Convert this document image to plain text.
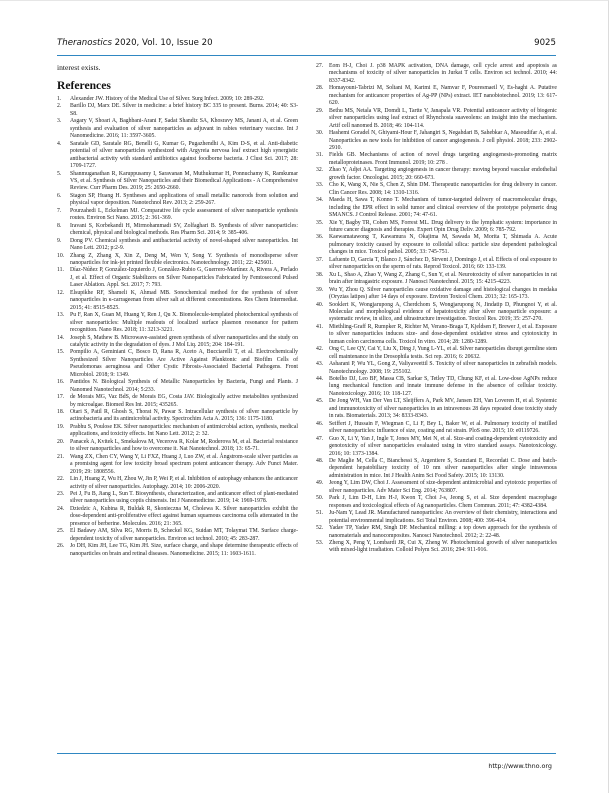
Theranostics 2020, Vol. 10, Issue 20	9025

interest exists.

References
1.	Alexander JW. History of the Medical Use of Silver. Surg Infect. 2009; 10: 289-292.
2.	Barillo DJ, Marx DE. Silver in medicine: a brief history BC 335 to present. Burns. 2014; 40: S3-S8.
3.	Asgary V, Shoari A, Baghbani-Arani F, Sadat Shandiz SA, Khosravy MS, Janani A, et al. Green synthesis and evaluation of silver nanoparticles as adjuvant in rabies veterinary vaccine. Int J Nanomedicine. 2016; 11: 3597-3605.
4.	Saratale GD, Saratale RG, Benelli G, Kumar G, Pugazhendhi A, Kim D-S, et al. Anti-diabetic potential of silver nanoparticles synthesized with Argyreia nervosa leaf extract high synergistic antibacterial activity with standard antibiotics against foodborne bacteria. J Clust Sci. 2017; 28: 1709-1727.
5.	Shanmuganathan R, Karuppusamy I, Saravanan M, Muthukumar H, Ponnuchamy K, Ramkumar VS, et al. Synthesis of Silver Nanoparticles and their Biomedical Applications - A Comprehensive Review. Curr Pharm Des. 2019; 25: 2650-2660.
6.	Stagon SP, Huang H. Syntheses and applications of small metallic nanorods from solution and physical vapor deposition. Nanotechnol Rev. 2013; 2: 259-267.
7.	Pourzahedi L, Eckelman MJ. Comparative life cycle assessment of silver nanoparticle synthesis routes. Environ Sci Nano. 2015; 2: 361-369.
8.	Iravani S, Korbekandi H, Mirmohammadi SV, Zolfaghari B. Synthesis of silver nanoparticles: chemical, physical and biological methods. Res Pharm Sci. 2014; 9: 385-406.
9.	Dong PV. Chemical synthesis and antibacterial activity of novel-shaped silver nanoparticles. Int Nano Lett. 2012; p:2-9.
10.	Zhang Z, Zhang X, Xin Z, Deng M, Wen Y, Song Y. Synthesis of monodisperse silver nanoparticles for ink-jet printed flexible electronics. Nanotechnology. 2011; 22: 425601.
11.	Díaz-Núñez P, González-Izquierdo J, González-Rubio G, Guerrero-Martínez A, Rivera A, Perlado J, et al. Effect of Organic Stabilizers on Silver Nanoparticles Fabricated by Femtosecond Pulsed Laser Ablation. Appl. Sci. 2017; 7: 793.
12.	Elsupikhe RF, Shameli K, Ahmad MB. Sonochemical method for the synthesis of silver nanoparticles in κ-carrageenan from silver salt at different concentrations. Res Chem Intermediat. 2015; 41: 8515-8525.
13.	Pu F, Ran X, Guan M, Huang Y, Ren J, Qu X. Biomolecule-templated photochemical synthesis of silver nanoparticles: Multiple readouts of localized surface plasmon resonance for pattern recognition. Nano Res. 2018; 11: 3213-3221.
14.	Joseph S, Mathew B. Microwave-assisted green synthesis of silver nanoparticles and the study on catalytic activity in the degradation of dyes. J Mol Liq. 2015; 204: 184-191.
15.	Pompilio A, Geminiani C, Bosco D, Rana R, Aceto A, Bucciarelli T, et al. Electrochemically Synthesized Silver Nanoparticles Are Active Against Planktonic and Biofilm Cells of Pseudomonas aeruginosa and Other Cystic Fibrosis-Associated Bacterial Pathogens. Front Microbiol. 2018; 9: 1349.
16.	Pantidos N. Biological Synthesis of Metallic Nanoparticles by Bacteria, Fungi and Plants. J Nanomed Nanotechnol. 2014; 5:233.
17.	de Morais MG, Vaz BdS, de Morais EG, Costa JAV. Biologically active metabolites synthesized by microalgae. Biomed Res Int. 2015; 435265.
18.	Otari S, Patil R, Ghosh S, Thorat N, Pawar S. Intracellular synthesis of silver nanoparticle by actinobacteria and its antimicrobial activity. Spectrochim Acta A. 2015; 136: 1175-1180.
19.	Prabhu S, Poulose EK. Silver nanoparticles: mechanism of antimicrobial action, synthesis, medical applications, and toxicity effects. Int Nano Lett. 2012; 2: 32.
20.	Panacek A, Kvitek L, Smekalova M, Vecerova R, Kolar M, Roderova M, et al. Bacterial resistance to silver nanoparticles and how to overcome it. Nat Nanotechnol. 2018; 13: 65-71.
21.	Wang ZX, Chen CY, Wang Y, Li FXZ, Huang J, Luo ZW, et al. Ångstrom-scale silver particles as a promising agent for low toxicity broad spectrum potent anticancer therapy. Adv Funct Mater. 2019; 29: 1808556.
22.	Lin J, Huang Z, Wu H, Zhou W, Jin P, Wei P, et al. Inhibition of autophagy enhances the anticancer activity of silver nanoparticles. Autophagy. 2014; 10: 2006-2020.
23.	Pei J, Fu B, Jiang L, Sun T. Biosynthesis, characterization, and anticancer effect of plant-mediated silver nanoparticles using coptis chinensis. Int J Nanomedicine. 2019; 14: 1969-1978.
24.	Dziedzic A, Kubina R, Buldak R, Skonieczna M, Cholewa K. Silver nanoparticles exhibit the dose-dependent anti-proliferative effect against human squamous carcinoma cells attenuated in the presence of berberine. Molecules. 2016; 21: 365.
25.	El Badawy AM, Silva RG, Morris B, Scheckel KG, Suidan MT, Tolaymat TM. Surface charge-dependent toxicity of silver nanoparticles. Environ sci technol. 2010; 45: 283-287.
26.	Jo DH, Kim JH, Lee TG, Kim JH. Size, surface charge, and shape determine therapeutic effects of nanoparticles on brain and retinal diseases. Nanomedicine. 2015; 11: 1603-1611.
27.	Eom H-J, Choi J. p38 MAPK activation, DNA damage, cell cycle arrest and apoptosis as mechanisms of toxicity of silver nanoparticles in Jurkat T cells. Environ sci technol. 2010; 44: 8337-8342.
28.	Homayouni-Tabrizi M, Soltani M, Karimi E, Namvar F, Pouresmaeil V, Es-haghi A. Putative mechanism for anticancer properties of Ag-PP (NPs) extract. IET nanobiotechnol. 2019; 13: 617-620.
29.	Bethu MS, Netala VR, Domdi L, Tartte V, Janapala VR. Potential anticancer activity of biogenic silver nanoparticles using leaf extract of Rhynchosia suaveolens: an insight into the mechanism. Artif cell nanomed B. 2018; 46: 104-114.
30.	Hashemi Goradel N, Ghiyami-Hour F, Jahangiri S, Negahdari B, Sahebkar A, Masoudifar A, et al. Nanoparticles as new tools for inhibition of cancer angiogenesis. J cell physiol. 2018; 233: 2902-2910.
31.	Fields GB. Mechanisms of action of novel drugs targeting angiogenesis-promoting matrix metalloproteinases. Front Immunol. 2019; 10: 278 .
32.	Zhao Y, Adjei AA. Targeting angiogenesis in cancer therapy: moving beyond vascular endothelial growth factor. Oncologist. 2015; 20: 660-673.
33.	Cho K, Wang X, Nie S, Chen Z, Shin DM. Therapeutic nanoparticles for drug delivery in cancer. Clin Cancer Res. 2008; 14: 1310-1316.
34.	Maeda H, Sawa T, Konno T. Mechanism of tumor-targeted delivery of macromolecular drugs, including the EPR effect in solid tumor and clinical overview of the prototype polymeric drug SMANCS. J Control Release. 2001; 74: 47-61.
35.	Xie Y, Bagby TR, Cohen MS, Forrest ML. Drug delivery to the lymphatic system: importance in future cancer diagnosis and therapies. Expert Opin Drug Deliv. 2009; 6: 785-792.
36.	Kaewamatawong T, Kawamura N, Okajima M, Sawada M, Morita T, Shimada A. Acute pulmonary toxicity caused by exposure to colloidal silica: particle size dependent pathological changes in mice. Toxicol pathol. 2005; 33: 745-751.
37.	Lafuente D, Garcia T, Blanco J, Sánchez D, Sirvent J, Domingo J, et al. Effects of oral exposure to silver nanoparticles on the sperm of rats. Reprod Toxicol. 2016; 60: 133-139.
38.	Xu L, Shao A, Zhao Y, Wang Z, Zhang C, Sun Y, et al. Neurotoxicity of silver nanoparticles in rat brain after intragastric exposure. J Nanosci Nanotechnol. 2015; 15: 4215-4223.
39.	Wu Y, Zhou Q. Silver nanoparticles cause oxidative damage and histological changes in medaka (Oryzias latipes) after 14 days of exposure. Environ Toxicol Chem. 2013; 32: 165-173.
40.	Sooklert K, Wongjarupong A, Cherdchom S, Wongjarupong N, Jindatip D, Phungnoi Y, et al. Molecular and morphological evidence of hepatotoxicity after silver nanoparticle exposure: a systematic review, in silico, and ultrastructure investigation. Toxicol Res. 2019; 35: 257-270.
41.	Miethling-Graff R, Rumpker R, Richter M, Verano-Braga T, Kjeldsen F, Brewer J, et al. Exposure to silver nanoparticles induces size- and dose-dependent oxidative stress and cytotoxicity in human colon carcinoma cells. Toxicol In vitro. 2014; 28: 1280-1289.
42.	Ong C, Lee QY, Cai Y, Liu X, Ding J, Yung L-YL, et al. Silver nanoparticles disrupt germline stem cell maintenance in the Drosophila testis. Sci rep. 2016; 6: 20632.
43.	Asharani P, Wu YL, Gong Z, Valiyaveettil S. Toxicity of silver nanoparticles in zebrafish models. Nanotechnology. 2008; 19: 255102.
44.	Botelho DJ, Leo BF, Massa CB, Sarkar S, Tetley TD, Chung KF, et al. Low-dose AgNPs reduce lung mechanical function and innate immune defense in the absence of cellular toxicity. Nanotoxicology. 2016; 10: 118-127.
45.	De Jong WH, Van Der Ven LT, Sleijffers A, Park MV, Jansen EH, Van Loveren H, et al. Systemic and immunotoxicity of silver nanoparticles in an intravenous 28 days repeated dose toxicity study in rats. Biomaterials. 2013; 34: 8333-8343.
46.	Seiffert J, Hussain F, Wiegman C, Li F, Bey L, Baker W, et al. Pulmonary toxicity of instilled silver nanoparticles: influence of size, coating and rat strain. PloS one. 2015; 10: e0119726.
47.	Guo X, Li Y, Yan J, Ingle T, Jones MY, Mei N, et al. Size-and coating-dependent cytotoxicity and genotoxicity of silver nanoparticles evaluated using in vitro standard assays. Nanotoxicology. 2016; 10: 1373-1384.
48.	De Maglie M, Cella C, Bianchessi S, Argentiere S, Scanziani E, Recordati C. Dose and batch-dependent hepatobiliary toxicity of 10 nm silver nanoparticles after single intravenous administration in mice. Int J Health Anim Sci Food Safety. 2015; 10: 13130.
49.	Jeong Y, Lim DW, Choi J. Assessment of size-dependent antimicrobial and cytotoxic properties of silver nanoparticles. Adv Mater Sci Eng. 2014; 763807.
50.	Park J, Lim D-H, Lim H-J, Kwon T, Choi J-s, Jeong S, et al. Size dependent macrophage responses and toxicological effects of Ag nanoparticles. Chem Commun. 2011; 47: 4382-4384.
51.	Ju-Nam Y, Lead JR. Manufactured nanoparticles: An overview of their chemistry, interactions and potential environmental implications. Sci Total Environ. 2008; 400: 396-414.
52.	Yadav TP, Yadav RM, Singh DP. Mechanical milling: a top down approach for the synthesis of nanomaterials and nanocomposites. Nanosci Nanotechnol. 2012; 2: 22-48.
53.	Zheng X, Peng Y, Lombardi JR, Cui X, Zheng W. Photochemical growth of silver nanoparticles with mixed-light irradiation. Colloid Polym Sci. 2016; 294: 911-916.
http://www.thno.org
